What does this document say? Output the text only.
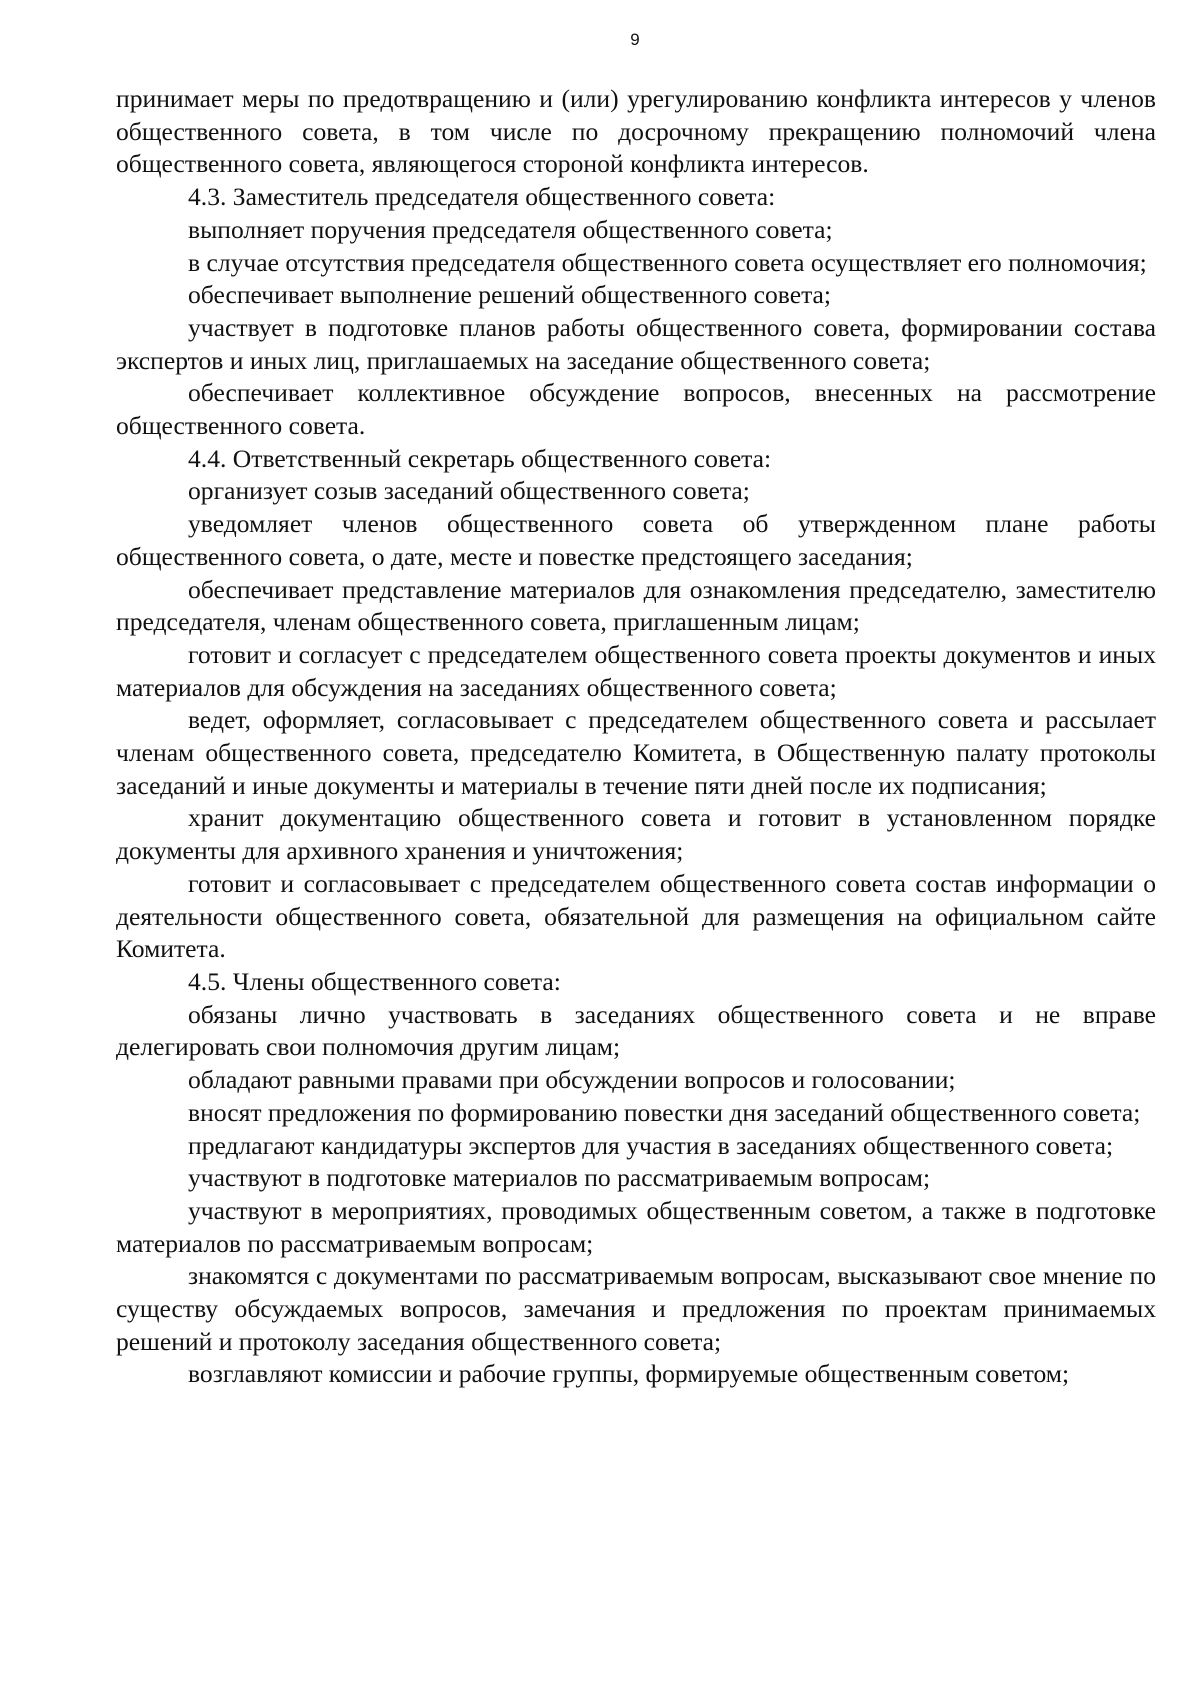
9

принимает меры по предотвращению и (или) урегулированию конфликта интересов у членов общественного совета, в том числе по досрочному прекращению полномочий члена общественного совета, являющегося стороной конфликта интересов.

4.3. Заместитель председателя общественного совета:

выполняет поручения председателя общественного совета;

в случае отсутствия председателя общественного совета осуществляет его полномочия;

обеспечивает выполнение решений общественного совета;

участвует в подготовке планов работы общественного совета, формировании состава экспертов и иных лиц, приглашаемых на заседание общественного совета;

обеспечивает коллективное обсуждение вопросов, внесенных на рассмотрение общественного совета.

4.4. Ответственный секретарь общественного совета:

организует созыв заседаний общественного совета;

уведомляет членов общественного совета об утвержденном плане работы общественного совета, о дате, месте и повестке предстоящего заседания;

обеспечивает представление материалов для ознакомления председателю, заместителю председателя, членам общественного совета, приглашенным лицам;

готовит и согласует с председателем общественного совета проекты документов и иных материалов для обсуждения на заседаниях общественного совета;

ведет, оформляет, согласовывает с председателем общественного совета и рассылает членам общественного совета, председателю Комитета, в Общественную палату протоколы заседаний и иные документы и материалы в течение пяти дней после их подписания;

хранит документацию общественного совета и готовит в установленном порядке документы для архивного хранения и уничтожения;

готовит и согласовывает с председателем общественного совета состав информации о деятельности общественного совета, обязательной для размещения на официальном сайте Комитета.

4.5. Члены общественного совета:

обязаны лично участвовать в заседаниях общественного совета и не вправе делегировать свои полномочия другим лицам;

обладают равными правами при обсуждении вопросов и голосовании;

вносят предложения по формированию повестки дня заседаний общественного совета;

предлагают кандидатуры экспертов для участия в заседаниях общественного совета;

участвуют в подготовке материалов по рассматриваемым вопросам;

участвуют в мероприятиях, проводимых общественным советом, а также в подготовке материалов по рассматриваемым вопросам;

знакомятся с документами по рассматриваемым вопросам, высказывают свое мнение по существу обсуждаемых вопросов, замечания и предложения по проектам принимаемых решений и протоколу заседания общественного совета;

возглавляют комиссии и рабочие группы, формируемые общественным советом;
